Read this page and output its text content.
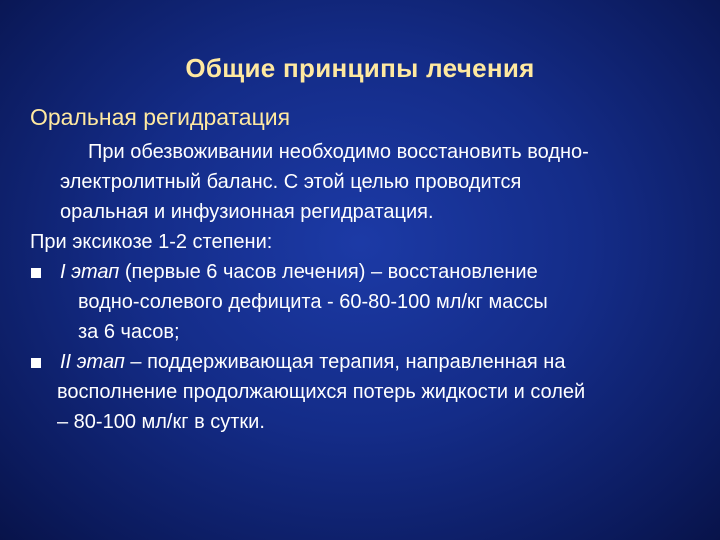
Общие принципы лечения
Оральная регидратация
При обезвоживании необходимо восстановить водно-
электролитный баланс. С этой целью проводится
оральная и инфузионная регидратация.
При эксикозе 1-2 степени:
I этап (первые 6 часов лечения) – восстановление
водно-солевого дефицита - 60-80-100 мл/кг массы
за 6 часов;
II этап – поддерживающая терапия, направленная на
восполнение продолжающихся потерь жидкости и солей
– 80-100 мл/кг в сутки.
